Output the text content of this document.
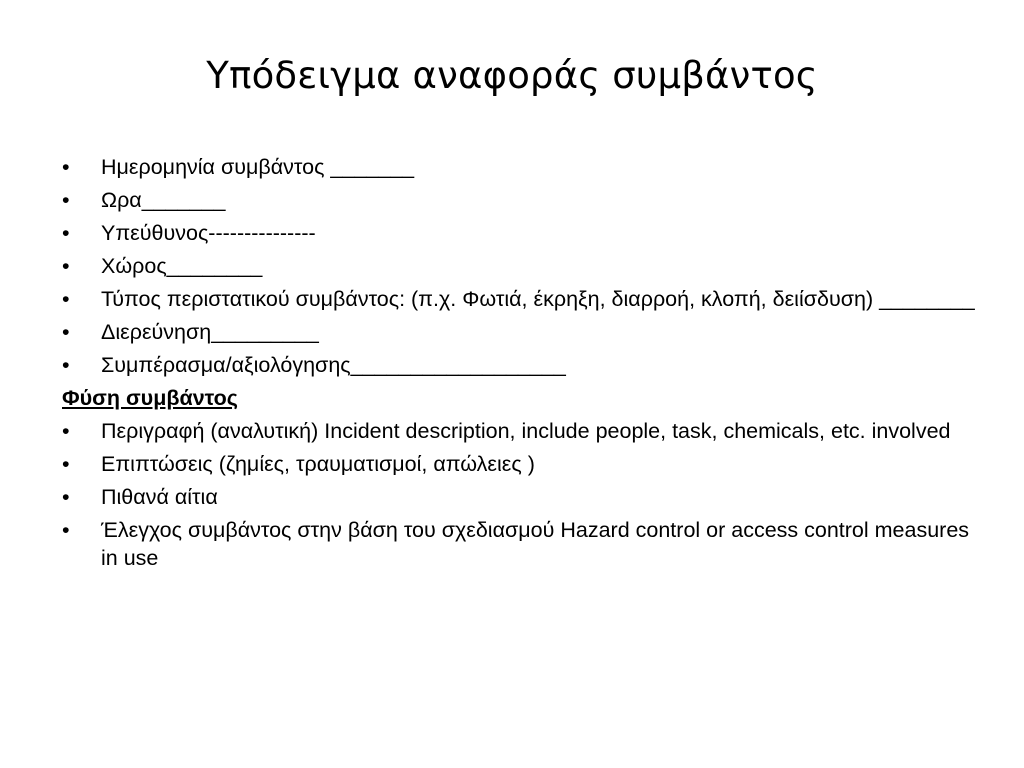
Υπόδειγμα αναφοράς συμβάντος
• Ημερομηνία συμβάντος _______
• Ωρα_______
• Υπεύθυνος---------------
• Χώρος________
• Τύπος περιστατικού συμβάντος: (π.χ. Φωτιά, έκρηξη, διαρροή, κλοπή, δειίσδυση) ________
• Διερεύνηση_________
• Συμπέρασμα/αξιολόγησης__________________
Φύση συμβάντος
• Περιγραφή (αναλυτική) Incident description, include people, task, chemicals, etc. involved
• Επιπτώσεις (ζημίες, τραυματισμοί, απώλειες )
• Πιθανά αίτια
• Έλεγχος συμβάντος στην βάση του σχεδιασμού Hazard control or access control measures in use
